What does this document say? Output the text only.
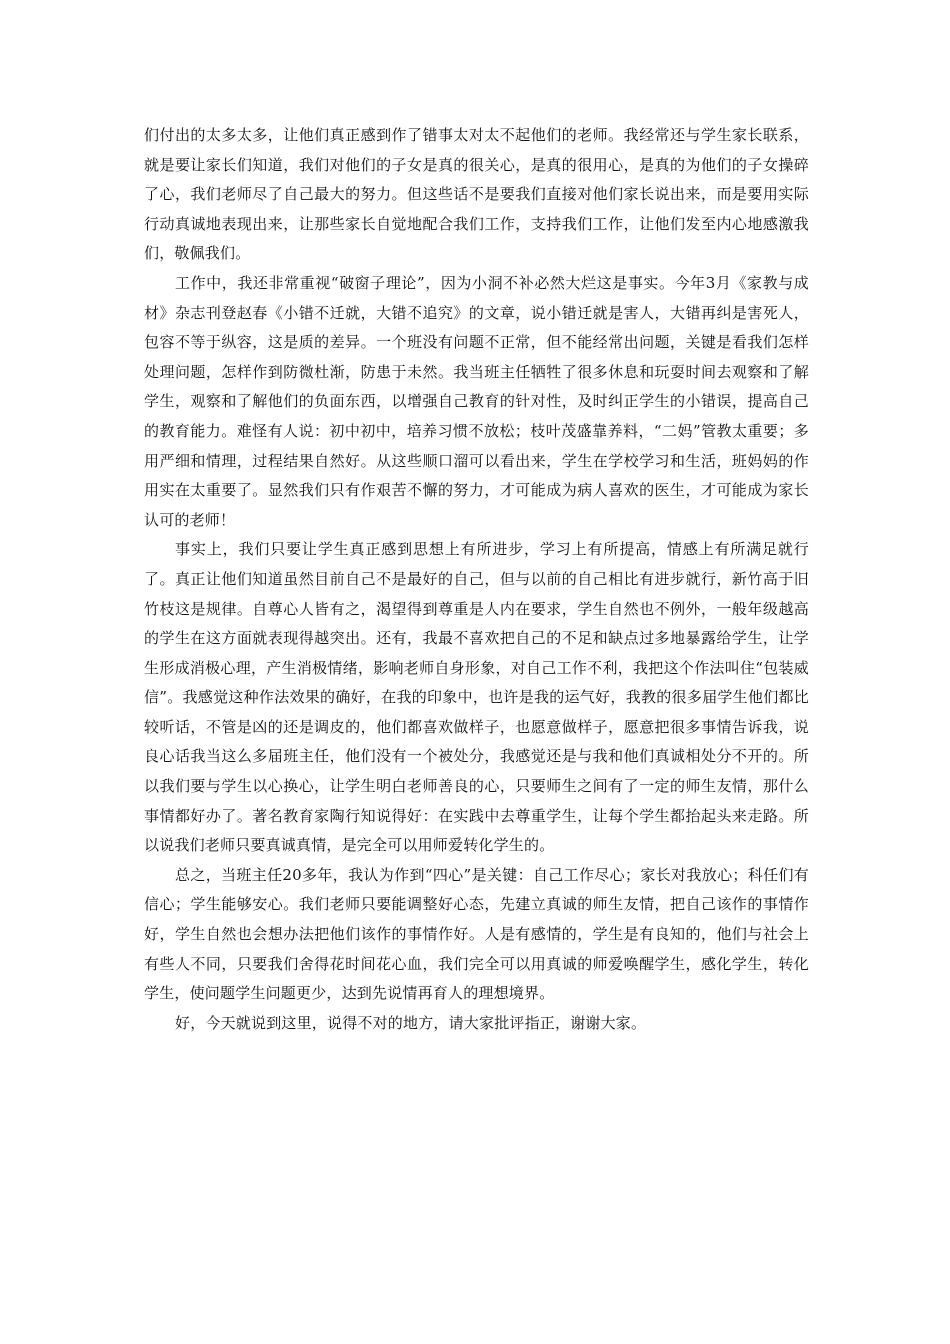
们付出的太多太多，让他们真正感到作了错事太对太不起他们的老师。我经常还与学生家长联系，就是要让家长们知道，我们对他们的子女是真的很关心，是真的很用心，是真的为他们的子女操碎了心，我们老师尽了自己最大的努力。但这些话不是要我们直接对他们家长说出来，而是要用实际行动真诚地表现出来，让那些家长自觉地配合我们工作，支持我们工作，让他们发至内心地感激我们，敬佩我们。

工作中，我还非常重视“破窗子理论”，因为小洞不补必然大烂这是事实。今年3月《家教与成材》杂志刊登赵春《小错不迁就，大错不追究》的文章，说小错迁就是害人，大错再纠是害死人，包容不等于纵容，这是质的差异。一个班没有问题不正常，但不能经常出问题，关键是看我们怎样处理问题，怎样作到防微杜渐，防患于未然。我当班主任牺牲了很多休息和玩耍时间去观察和了解学生，观察和了解他们的负面东西，以增强自己教育的针对性，及时纠正学生的小错误，提高自己的教育能力。难怪有人说：初中初中，培养习惯不放松；枝叶茂盛靠养料，“二妈”管教太重要；多用严细和情理，过程结果自然好。从这些顺口溜可以看出来，学生在学校学习和生活，班妈妈的作用实在太重要了。显然我们只有作艰苦不懈的努力，才可能成为病人喜欢的医生，才可能成为家长认可的老师！

事实上，我们只要让学生真正感到思想上有所进步，学习上有所提高，情感上有所满足就行了。真正让他们知道虽然目前自己不是最好的自己，但与以前的自己相比有进步就行，新竹高于旧竹枝这是规律。自尊心人皆有之，渴望得到尊重是人内在要求，学生自然也不例外，一般年级越高的学生在这方面就表现得越突出。还有，我最不喜欢把自己的不足和缺点过多地暴露给学生，让学生形成消极心理，产生消极情绪，影响老师自身形象，对自己工作不利，我把这个作法叫住“包装威信”。我感觉这种作法效果的确好，在我的印象中，也许是我的运气好，我教的很多届学生他们都比较听话，不管是凶的还是调皮的，他们都喜欢做样子，也愿意做样子，愿意把很多事情告诉我，说良心话我当这么多届班主任，他们没有一个被处分，我感觉还是与我和他们真诚相处分不开的。所以我们要与学生以心换心，让学生明白老师善良的心，只要师生之间有了一定的师生友情，那什么事情都好办了。著名教育家陶行知说得好：在实践中去尊重学生，让每个学生都抬起头来走路。所以说我们老师只要真诚真情，是完全可以用师爱转化学生的。

总之，当班主任20多年，我认为作到“四心”是关键：自己工作尽心；家长对我放心；科任们有信心；学生能够安心。我们老师只要能调整好心态，先建立真诚的师生友情，把自己该作的事情作好，学生自然也会想办法把他们该作的事情作好。人是有感情的，学生是有良知的，他们与社会上有些人不同，只要我们舍得花时间花心血，我们完全可以用真诚的师爱唤醒学生，感化学生，转化学生，使问题学生问题更少，达到先说情再育人的理想境界。

好，今天就说到这里，说得不对的地方，请大家批评指正，谢谢大家。
